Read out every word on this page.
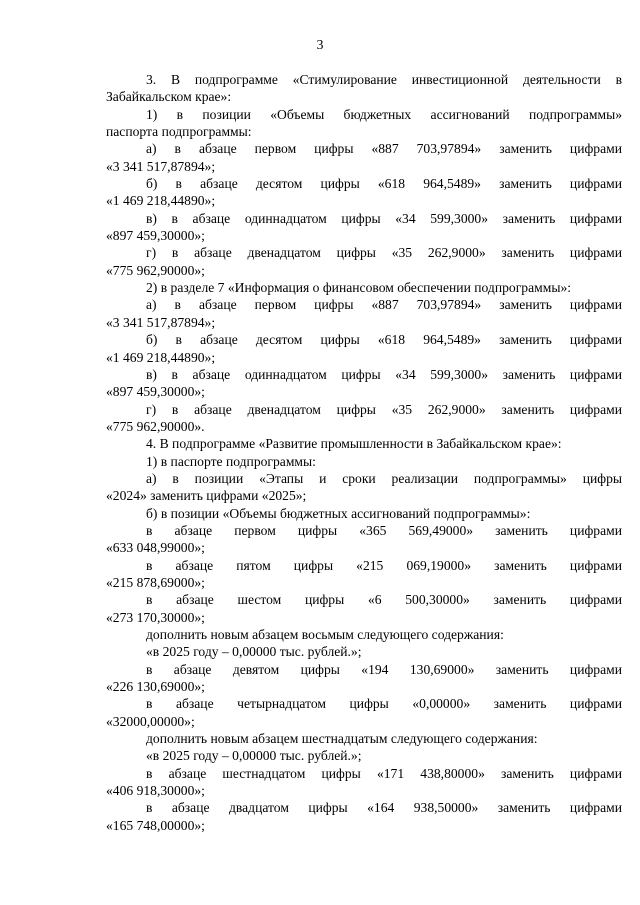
3
3. В подпрограмме «Стимулирование инвестиционной деятельности в
Забайкальском крае»:
1) в позиции «Объемы бюджетных ассигнований подпрограммы»
паспорта подпрограммы:
а) в абзаце первом цифры «887 703,97894» заменить цифрами
«3 341 517,87894»;
б) в абзаце десятом цифры «618 964,5489» заменить цифрами
«1 469 218,44890»;
в) в абзаце одиннадцатом цифры «34 599,3000» заменить цифрами
«897 459,30000»;
г) в абзаце двенадцатом цифры «35 262,9000» заменить цифрами
«775 962,90000»;
2) в разделе 7 «Информация о финансовом обеспечении подпрограммы»:
а) в абзаце первом цифры «887 703,97894» заменить цифрами
«3 341 517,87894»;
б) в абзаце десятом цифры «618 964,5489» заменить цифрами
«1 469 218,44890»;
в) в абзаце одиннадцатом цифры «34 599,3000» заменить цифрами
«897 459,30000»;
г) в абзаце двенадцатом цифры «35 262,9000» заменить цифрами
«775 962,90000».
4. В подпрограмме «Развитие промышленности в Забайкальском крае»:
1) в паспорте подпрограммы:
а) в позиции «Этапы и сроки реализации подпрограммы» цифры
«2024» заменить цифрами «2025»;
б) в позиции «Объемы бюджетных ассигнований подпрограммы»:
в абзаце первом цифры «365 569,49000» заменить цифрами
«633 048,99000»;
в абзаце пятом цифры «215 069,19000» заменить цифрами
«215 878,69000»;
в абзаце шестом цифры «6 500,30000» заменить цифрами
«273 170,30000»;
дополнить новым абзацем восьмым следующего содержания:
«в 2025 году – 0,00000 тыс. рублей.»;
в абзаце девятом цифры «194 130,69000» заменить цифрами
«226 130,69000»;
в абзаце четырнадцатом цифры «0,00000» заменить цифрами
«32000,00000»;
дополнить новым абзацем шестнадцатым следующего содержания:
«в 2025 году – 0,00000 тыс. рублей.»;
в абзаце шестнадцатом цифры «171 438,80000» заменить цифрами
«406 918,30000»;
в абзаце двадцатом цифры «164 938,50000» заменить цифрами
«165 748,00000»;
